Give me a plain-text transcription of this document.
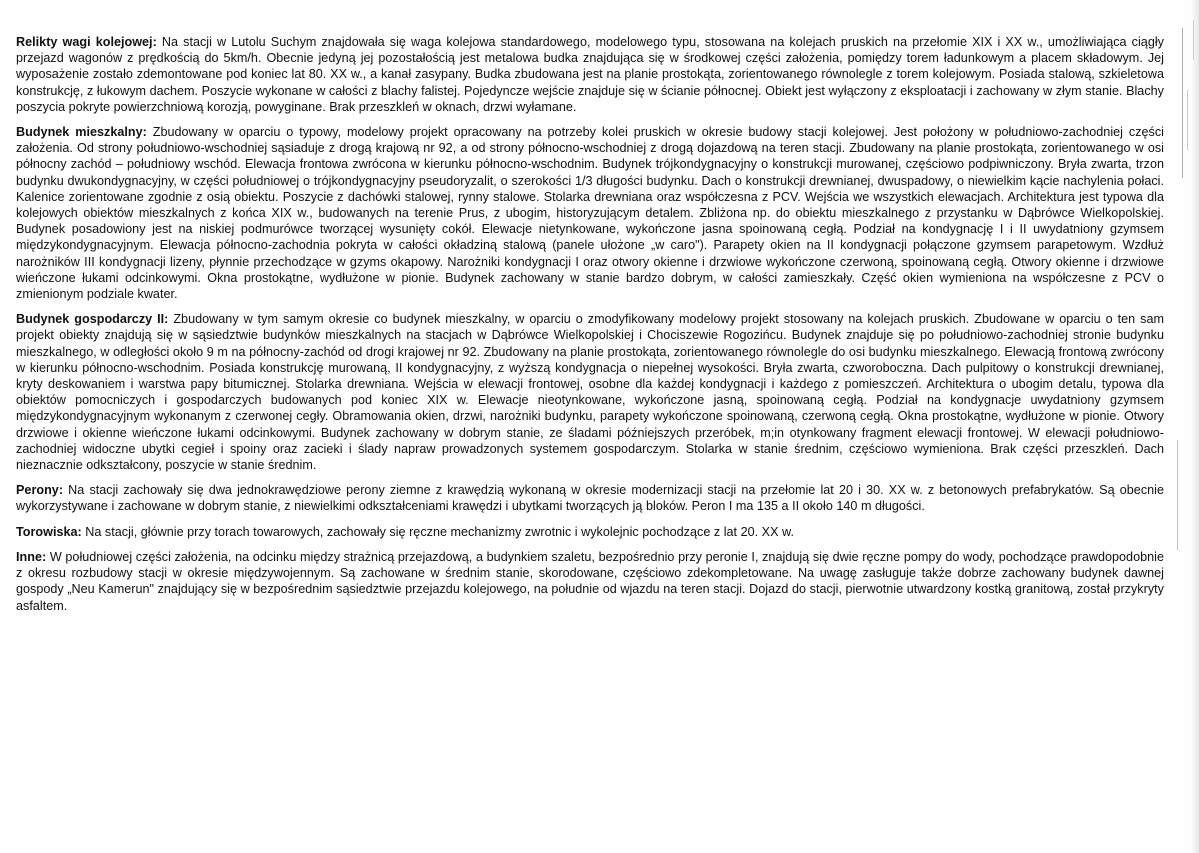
Relikty wagi kolejowej: Na stacji w Lutolu Suchym znajdowała się waga kolejowa standardowego, modelowego typu, stosowana na kolejach pruskich na przełomie XIX i XX w., umożliwiająca ciągły przejazd wagonów z prędkością do 5km/h. Obecnie jedyną jej pozostałością jest metalowa budka znajdująca się w środkowej części założenia, pomiędzy torem ładunkowym a placem składowym. Jej wyposażenie zostało zdemontowane pod koniec lat 80. XX w., a kanał zasypany. Budka zbudowana jest na planie prostokąta, zorientowanego równolegle z torem kolejowym. Posiada stalową, szkieletowa konstrukcję, z łukowym dachem. Poszycie wykonane w całości z blachy falistej. Pojedyncze wejście znajduje się w ścianie północnej. Obiekt jest wyłączony z eksploatacji i zachowany w złym stanie. Blachy poszycia pokryte powierzchniową korozją, powyginane. Brak przeszkleń w oknach, drzwi wyłamane.

Budynek mieszkalny: Zbudowany w oparciu o typowy, modelowy projekt opracowany na potrzeby kolei pruskich w okresie budowy stacji kolejowej. Jest położony w południowo-zachodniej części założenia. Od strony południowo-wschodniej sąsiaduje z drogą krajową nr 92, a od strony północno-wschodniej z drogą dojazdową na teren stacji. Zbudowany na planie prostokąta, zorientowanego w osi północny zachód – południowy wschód. Elewacja frontowa zwrócona w kierunku północno-wschodnim. Budynek trójkondygnacyjny o konstrukcji murowanej, częściowo podpiwniczony. Bryła zwarta, trzon budynku dwukondygnacyjny, w części południowej o trójkondygnacyjny pseudoryzalit, o szerokości 1/3 długości budynku. Dach o konstrukcji drewnianej, dwuspadowy, o niewielkim kącie nachylenia połaci. Kalenice zorientowane zgodnie z osią obiektu. Poszycie z dachówki stalowej, rynny stalowe. Stolarka drewniana oraz współczesna z PCV. Wejścia we wszystkich elewacjach. Architektura jest typowa dla kolejowych obiektów mieszkalnych z końca XIX w., budowanych na terenie Prus, z ubogim, historyzującym detalem. Zbliżona np. do obiektu mieszkalnego z przystanku w Dąbrówce Wielkopolskiej. Budynek posadowiony jest na niskiej podmurówce tworzącej wysunięty cokół. Elewacje nietynkowane, wykończone jasna spoinowaną cegłą. Podział na kondygnację I i II uwydatniony gzymsem międzykondygnacyjnym. Elewacja północno-zachodnia pokryta w całości okładziną stalową (panele ułożone „w caro"). Parapety okien na II kondygnacji połączone gzymsem parapetowym. Wzdłuż narożników III kondygnacji lizeny, płynnie przechodzące w gzyms okapowy. Narożniki kondygnacji I oraz otwory okienne i drzwiowe wykończone czerwoną, spoinowaną cegłą. Otwory okienne i drzwiowe wieńczone łukami odcinkowymi. Okna prostokątne, wydłużone w pionie. Budynek zachowany w stanie bardzo dobrym, w całości zamieszkały. Część okien wymieniona na współczesne z PCV o zmienionym podziale kwater.

Budynek gospodarczy II: Zbudowany w tym samym okresie co budynek mieszkalny, w oparciu o zmodyfikowany modelowy projekt stosowany na kolejach pruskich. Zbudowane w oparciu o ten sam projekt obiekty znajdują się w sąsiedztwie budynków mieszkalnych na stacjach w Dąbrówce Wielkopolskiej i Chociszewie Rogozińcu. Budynek znajduje się po południowo-zachodniej stronie budynku mieszkalnego, w odległości około 9 m na północny-zachód od drogi krajowej nr 92. Zbudowany na planie prostokąta, zorientowanego równolegle do osi budynku mieszkalnego. Elewacją frontową zwrócony w kierunku północno-wschodnim. Posiada konstrukcję murowaną, II kondygnacyjny, z wyższą kondygnacja o niepełnej wysokości. Bryła zwarta, czworoboczna. Dach pulpitowy o konstrukcji drewnianej, kryty deskowaniem i warstwa papy bitumicznej. Stolarka drewniana. Wejścia w elewacji frontowej, osobne dla każdej kondygnacji i każdego z pomieszczeń. Architektura o ubogim detalu, typowa dla obiektów pomocniczych i gospodarczych budowanych pod koniec XIX w. Elewacje nieotynkowane, wykończone jasną, spoinowaną cegłą. Podział na kondygnacje uwydatniony gzymsem międzykondygnacyjnym wykonanym z czerwonej cegły. Obramowania okien, drzwi, narożniki budynku, parapety wykończone spoinowaną, czerwoną cegłą. Okna prostokątne, wydłużone w pionie. Otwory drzwiowe i okienne wieńczone łukami odcinkowymi. Budynek zachowany w dobrym stanie, ze śladami późniejszych przeróbek, m;in otynkowany fragment elewacji frontowej. W elewacji południowo-zachodniej widoczne ubytki cegieł i spoiny oraz zacieki i ślady napraw prowadzonych systemem gospodarczym. Stolarka w stanie średnim, częściowo wymieniona. Brak części przeszkleń. Dach nieznacznie odkształcony, poszycie w stanie średnim.

Perony: Na stacji zachowały się dwa jednokrawędziowe perony ziemne z krawędzią wykonaną w okresie modernizacji stacji na przełomie lat 20 i 30. XX w. z betonowych prefabrykatów. Są obecnie wykorzystywane i zachowane w dobrym stanie, z niewielkimi odkształceniami krawędzi i ubytkami tworzących ją bloków. Peron I ma 135 a II około 140 m długości.

Torowiska: Na stacji, głównie przy torach towarowych, zachowały się ręczne mechanizmy zwrotnic i wykolejnic pochodzące z lat 20. XX w.

Inne: W południowej części założenia, na odcinku między strażnicą przejazdową, a budynkiem szaletu, bezpośrednio przy peronie I, znajdują się dwie ręczne pompy do wody, pochodzące prawdopodobnie z okresu rozbudowy stacji w okresie międzywojennym. Są zachowane w średnim stanie, skorodowane, częściowo zdekompletowane. Na uwagę zasługuje także dobrze zachowany budynek dawnej gospody „Neu Kamerun" znajdujący się w bezpośrednim sąsiedztwie przejazdu kolejowego, na południe od wjazdu na teren stacji. Dojazd do stacji, pierwotnie utwardzony kostką granitową, został przykryty asfaltem.
